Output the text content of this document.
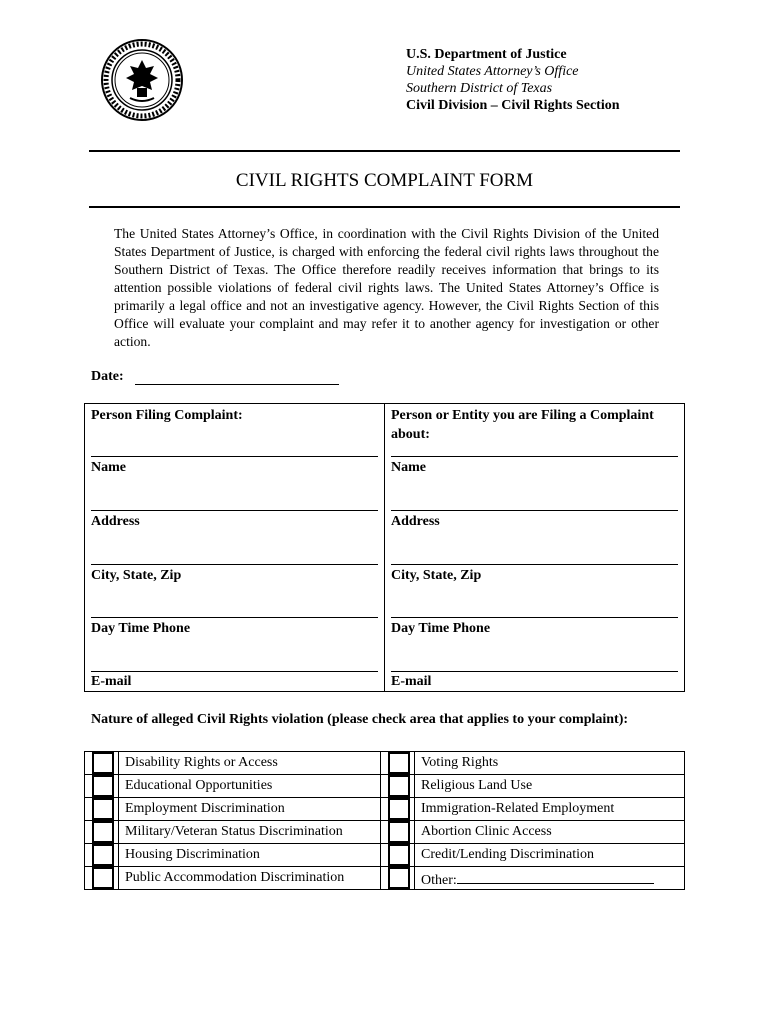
U.S. Department of Justice
United States Attorney’s Office
Southern District of Texas
Civil Division – Civil Rights Section
CIVIL RIGHTS COMPLAINT FORM
The United States Attorney’s Office, in coordination with the Civil Rights Division of the United States Department of Justice, is charged with enforcing the federal civil rights laws throughout the Southern District of Texas. The Office therefore readily receives information that brings to its attention possible violations of federal civil rights laws. The United States Attorney’s Office is primarily a legal office and not an investigative agency. However, the Civil Rights Section of this Office will evaluate your complaint and may refer it to another agency for investigation or other action.
Date:
Person Filing Complaint:
Name
Address
City, State, Zip
Day Time Phone
E-mail

Person or Entity you are Filing a Complaint about:
Name
Address
City, State, Zip
Day Time Phone
E-mail
Nature of alleged Civil Rights violation (please check area that applies to your complaint):
	Disability Rights or Access		Voting Rights

	Educational Opportunities		Religious Land Use

	Employment Discrimination		Immigration-Related Employment

	Military/Veteran Status Discrimination		Abortion Clinic Access

	Housing Discrimination		Credit/Lending Discrimination

	Public Accommodation Discrimination		Other:
